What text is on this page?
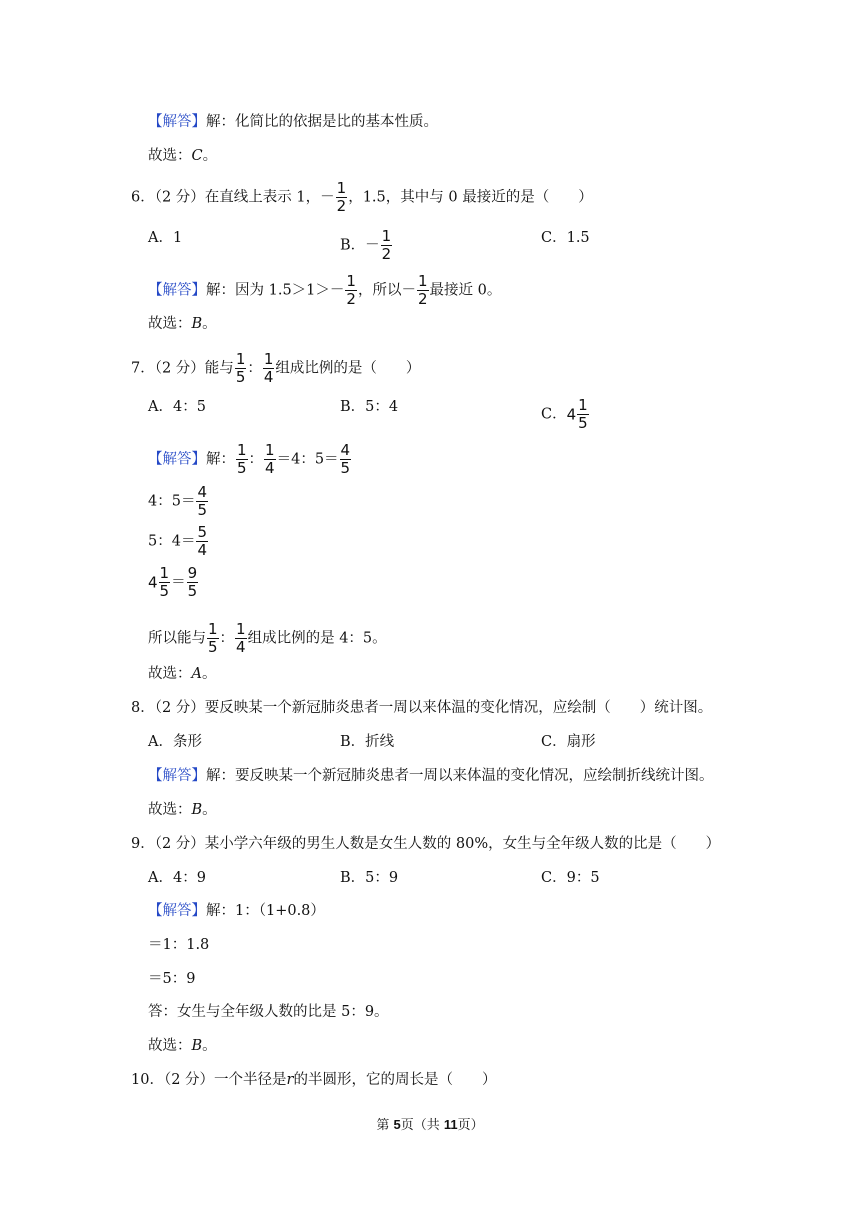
【解答】解：化简比的依据是比的基本性质。
故选：C。
6．（2 分）在直线上表示 1，－ $\frac{1}{2}$ ，1.5，其中与 0 最接近的是（　　）
A．1	B．－ $\frac{1}{2}$	C．1.5
【解答】解：因为 $1.5>1>- \frac{1}{2}$ ，所以－ $\frac{1}{2}$ 最接近 0。
故选：B。
7．（2 分）能与 $\frac{1}{5}$ ： $\frac{1}{4}$ 组成比例的是（　　）
A．4：5	B．5：4	C．$4 \frac{1}{5}$
【解答】解： $\frac{1}{5}$ ： $\frac{1}{4} =4$：$5= \frac{4}{5}$
4：$5= \frac{4}{5}$
5：$4= \frac{5}{4}$
$4 \frac{1}{5} = \frac{9}{5}$
所以能与 $\frac{1}{5}$ ： $\frac{1}{4}$ 组成比例的是 4：5。
故选：A。
8．（2 分）要反映某一个新冠肺炎患者一周以来体温的变化情况，应绘制（　　）统计图。
A．条形	B．折线	C．扇形
【解答】解：要反映某一个新冠肺炎患者一周以来体温的变化情况，应绘制折线统计图。
故选：B。
9．（2 分）某小学六年级的男生人数是女生人数的 80%，女生与全年级人数的比是（　　）
A．4：9	B．5：9	C．9：5
【解答】解：1：（1+0.8）
＝1：1.8
＝5：9
答：女生与全年级人数的比是 5：9。
故选：B。
10．（2 分）一个半径是r的半圆形，它的周长是（　　）
第 5页（共 11页）
